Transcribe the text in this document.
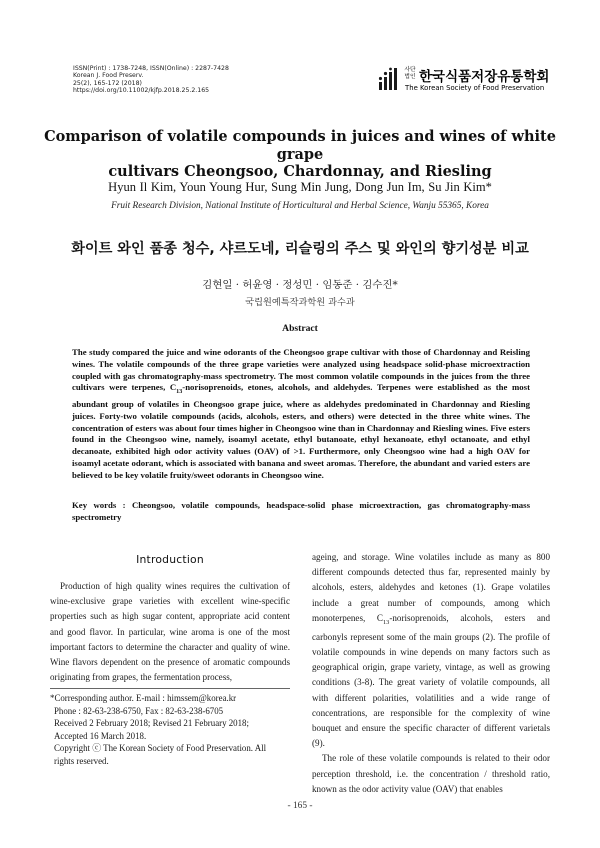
ISSN(Print) : 1738-7248, ISSN(Online) : 2287-7428
Korean J. Food Preserv.
25(2), 165-172 (2018)
https://doi.org/10.11002/kjfp.2018.25.2.165
사단
법인 한국식품저장유통학회
The Korean Society of Food Preservation
Comparison of volatile compounds in juices and wines of white grape
cultivars Cheongsoo, Chardonnay, and Riesling
Hyun Il Kim, Youn Young Hur, Sung Min Jung, Dong Jun Im, Su Jin Kim*
Fruit Research Division, National Institute of Horticultural and Herbal Science, Wanju 55365, Korea
화이트 와인 품종 청수, 샤르도네, 리슬링의 주스 및 와인의 향기성분 비교
김현일 · 허윤영 · 정성민 · 임동준 · 김수진*
국립원예특작과학원 과수과
Abstract
The study compared the juice and wine odorants of the Cheongsoo grape cultivar with those of Chardonnay and Reisling wines. The volatile compounds of the three grape varieties were analyzed using headspace solid-phase microextraction coupled with gas chromatography-mass spectrometry. The most common volatile compounds in the juices from the three cultivars were terpenes, $C_{13}$-norisoprenoids, etones, alcohols, and aldehydes. Terpenes were established as the most abundant group of volatiles in Cheongsoo grape juice, where as aldehydes predominated in Chardonnay and Riesling juices. Forty-two volatile compounds (acids, alcohols, esters, and others) were detected in the three white wines. The concentration of esters was about four times higher in Cheongsoo wine than in Chardonnay and Riesling wines. Five esters found in the Cheongsoo wine, namely, isoamyl acetate, ethyl butanoate, ethyl hexanoate, ethyl octanoate, and ethyl decanoate, exhibited high odor activity values (OAV) of >1. Furthermore, only Cheongsoo wine had a high OAV for isoamyl acetate odorant, which is associated with banana and sweet aromas. Therefore, the abundant and varied esters are believed to be key volatile fruity/sweet odorants in Cheongsoo wine.
Key words : Cheongsoo, volatile compounds, headspace-solid phase microextraction, gas chromatography-mass spectrometry
Introduction

Production of high quality wines requires the cultivation of wine-exclusive grape varieties with excellent wine-specific properties such as high sugar content, appropriate acid content and good flavor. In particular, wine aroma is one of the most important factors to determine the character and quality of wine. Wine flavors dependent on the presence of aromatic compounds originating from grapes, the fermentation process,

*Corresponding author. E-mail : himssem@korea.kr
Phone : 82-63-238-6750, Fax : 82-63-238-6705
Received 2 February 2018; Revised 21 February 2018;
Accepted 16 March 2018.
Copyright ⓒ The Korean Society of Food Preservation. All
rights reserved.

ageing, and storage. Wine volatiles include as many as 800 different compounds detected thus far, represented mainly by alcohols, esters, aldehydes and ketones (1). Grape volatiles include a great number of compounds, among which monoterpenes, $C_{13}$-norisoprenoids, alcohols, esters and carbonyls represent some of the main groups (2). The profile of volatile compounds in wine depends on many factors such as geographical origin, grape variety, vintage, as well as growing conditions (3-8). The great variety of volatile compounds, all with different polarities, volatilities and a wide range of concentrations, are responsible for the complexity of wine bouquet and ensure the specific character of different varietals (9).

The role of these volatile compounds is related to their odor perception threshold, i.e. the concentration / threshold ratio, known as the odor activity value (OAV) that enables

- 165 -
